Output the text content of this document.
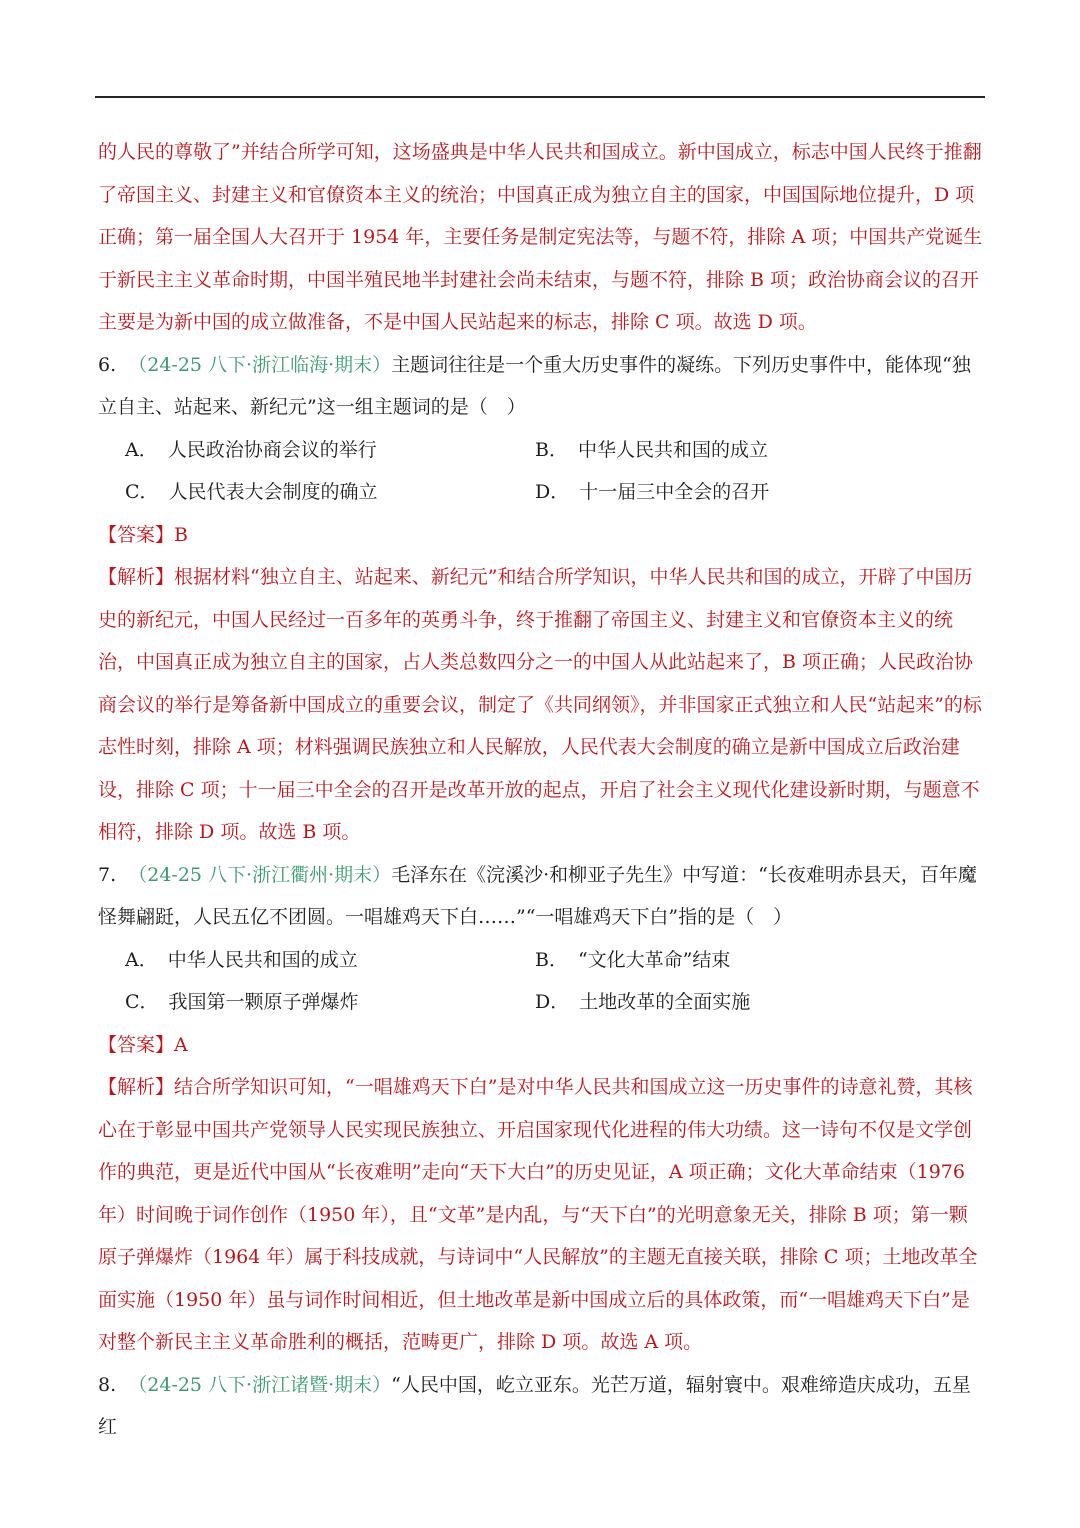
的人民的尊敬了”并结合所学可知，这场盛典是中华人民共和国成立。新中国成立，标志中国人民终于推翻了帝国主义、封建主义和官僚资本主义的统治；中国真正成为独立自主的国家，中国国际地位提升，D 项正确；第一届全国人大召开于 1954 年，主要任务是制定宪法等，与题不符，排除 A 项；中国共产党诞生于新民主主义革命时期，中国半殖民地半封建社会尚未结束，与题不符，排除 B 项；政治协商会议的召开主要是为新中国的成立做准备，不是中国人民站起来的标志，排除 C 项。故选 D 项。

6. （24-25 八下·浙江临海·期末）主题词往往是一个重大历史事件的凝练。下列历史事件中，能体现“独立自主、站起来、新纪元”这一组主题词的是（　）

A． 人民政治协商会议的举行	B． 中华人民共和国的成立
C． 人民代表大会制度的确立	D． 十一届三中全会的召开

【答案】B

【解析】根据材料“独立自主、站起来、新纪元”和结合所学知识，中华人民共和国的成立，开辟了中国历史的新纪元，中国人民经过一百多年的英勇斗争，终于推翻了帝国主义、封建主义和官僚资本主义的统治，中国真正成为独立自主的国家，占人类总数四分之一的中国人从此站起来了，B 项正确；人民政治协商会议的举行是筹备新中国成立的重要会议，制定了《共同纲领》，并非国家正式独立和人民“站起来”的标志性时刻，排除 A 项；材料强调民族独立和人民解放，人民代表大会制度的确立是新中国成立后政治建设，排除 C 项；十一届三中全会的召开是改革开放的起点，开启了社会主义现代化建设新时期，与题意不相符，排除 D 项。故选 B 项。

7. （24-25 八下·浙江衢州·期末）毛泽东在《浣溪沙·和柳亚子先生》中写道：“长夜难明赤县天，百年魔怪舞翩跹，人民五亿不团圆。一唱雄鸡天下白……”“一唱雄鸡天下白”指的是（　）

A． 中华人民共和国的成立	B． “文化大革命”结束
C． 我国第一颗原子弹爆炸	D． 土地改革的全面实施

【答案】A

【解析】结合所学知识可知，“一唱雄鸡天下白”是对中华人民共和国成立这一历史事件的诗意礼赞，其核心在于彰显中国共产党领导人民实现民族独立、开启国家现代化进程的伟大功绩。这一诗句不仅是文学创作的典范，更是近代中国从“长夜难明”走向“天下大白”的历史见证，A 项正确；文化大革命结束（1976 年）时间晚于词作创作（1950 年），且“文革”是内乱，与“天下白”的光明意象无关，排除 B 项；第一颗原子弹爆炸（1964 年）属于科技成就，与诗词中“人民解放”的主题无直接关联，排除 C 项；土地改革全面实施（1950 年）虽与词作时间相近，但土地改革是新中国成立后的具体政策，而“一唱雄鸡天下白”是对整个新民主主义革命胜利的概括，范畴更广，排除 D 项。故选 A 项。

8. （24-25 八下·浙江诸暨·期末）“人民中国，屹立亚东。光芒万道，辐射寰中。艰难缔造庆成功，五星红
